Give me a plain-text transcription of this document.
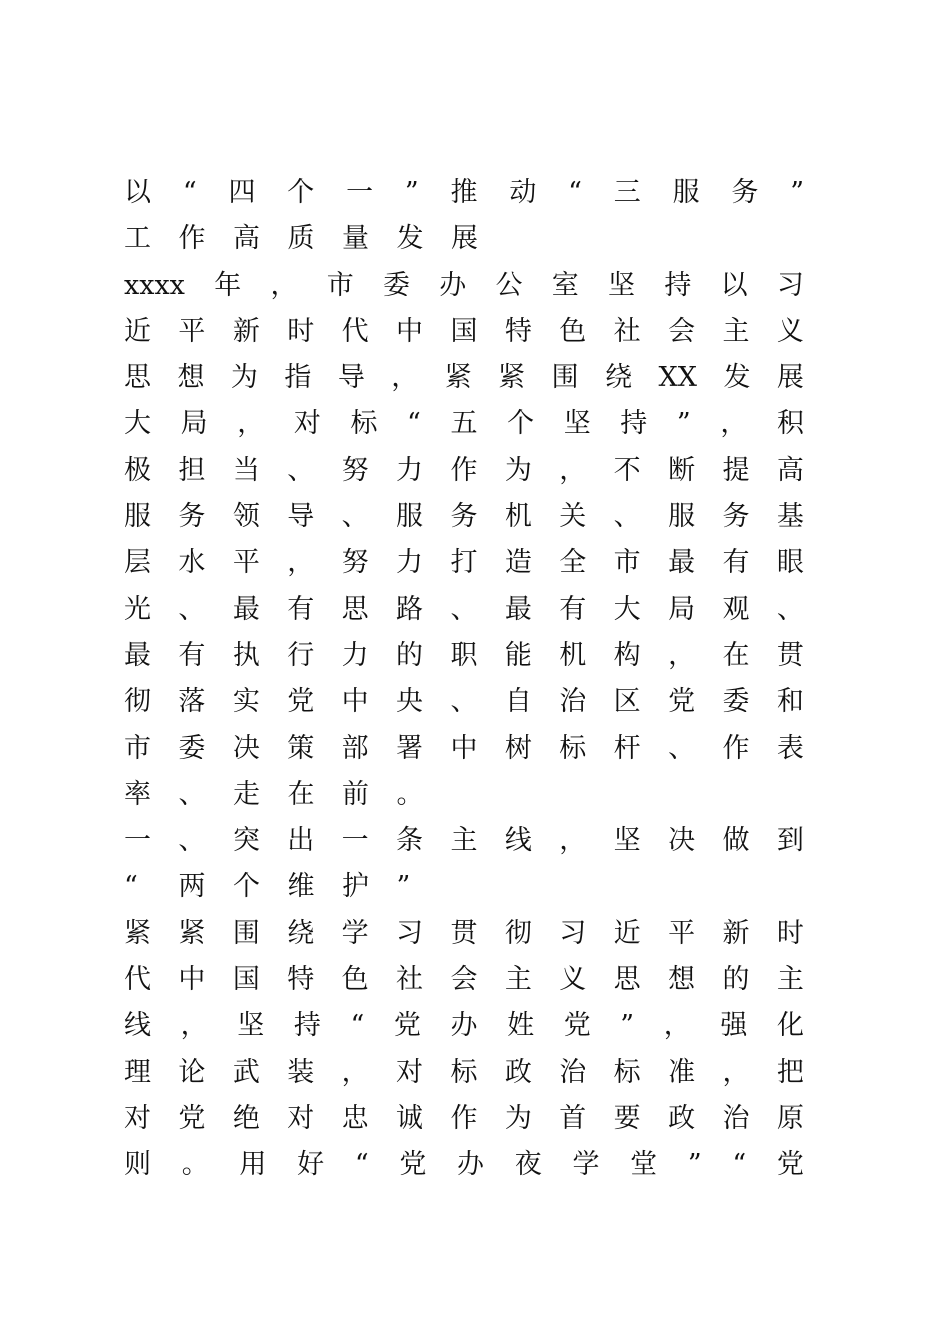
以 “ 四 个 一 ” 推 动 “ 三 服 务 ”
工	作	高	质	量	发	展
xxxx 年 ， 市 委 办 公 室 坚 持 以 习
近 平 新 时 代 中 国 特 色 社 会 主 义
思 想 为 指 导 ， 紧 紧 围 绕 XX 发 展
大 局 ， 对 标 “ 五 个 坚 持 ” ， 积
极 担 当 、 努 力 作 为 ， 不 断 提 高
服 务 领 导 、 服 务 机 关 、 服 务 基
层 水 平 ， 努 力 打 造 全 市 最 有 眼
光 、 最 有 思 路 、 最 有 大 局 观 、
最 有 执 行 力 的 职 能 机 构 ， 在 贯
彻 落 实 党 中 央 、 自 治 区 党 委 和
市 委 决 策 部 署 中 树 标 杆 、 作 表
率	、	走	在	前	。
一 、 突 出 一 条 主 线 ， 坚 决 做 到
“	两	个	维	护	”
紧 紧 围 绕 学 习 贯 彻 习 近 平 新 时
代 中 国 特 色 社 会 主 义 思 想 的 主
线 ， 坚 持 “ 党 办 姓 党 ” ， 强 化
理 论 武 装 ， 对 标 政 治 标 准 ， 把
对 党 绝 对 忠 诚 作 为 首 要 政 治 原
则 。 用 好 “ 党 办 夜 学 堂 ” “ 党
